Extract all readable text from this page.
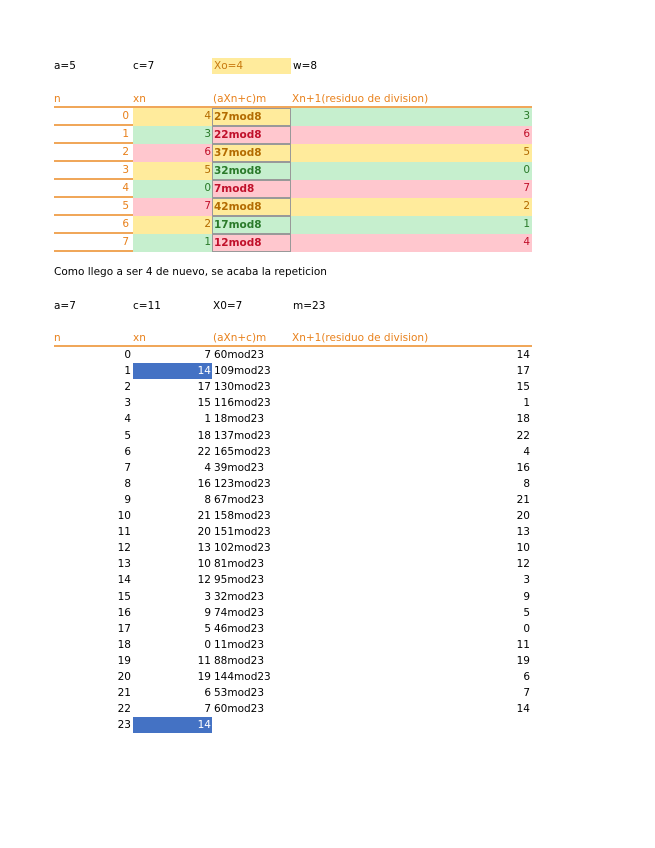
a=5	c=7	Xo=4	w=8
n	xn	(aXn+c)m Xn+1(residuo de division)
0	4 27mod8	3
1	3 22mod8	6
2	6 37mod8	5
3	5 32mod8	0
4	0 7mod8	7
5	7 42mod8	2
6	2 17mod8	1
7	1 12mod8	4
Como llego a ser 4 de nuevo, se acaba la repeticion
a=7	c=11	X0=7	m=23
n	xn	(aXn+c)m Xn+1(residuo de division)
0	7 60mod23	14
1	14 109mod23	17
2	17 130mod23	15
3	15 116mod23	1
4	1 18mod23	18
5	18 137mod23	22
6	22 165mod23	4
7	4 39mod23	16
8	16 123mod23	8
9	8 67mod23	21
10	21 158mod23	20
11	20 151mod23	13
12	13 102mod23	10
13	10 81mod23	12
14	12 95mod23	3
15	3 32mod23	9
16	9 74mod23	5
17	5 46mod23	0
18	0 11mod23	11
19	11 88mod23	19
20	19 144mod23	6
21	6 53mod23	7
22	7 60mod23	14
23	14
